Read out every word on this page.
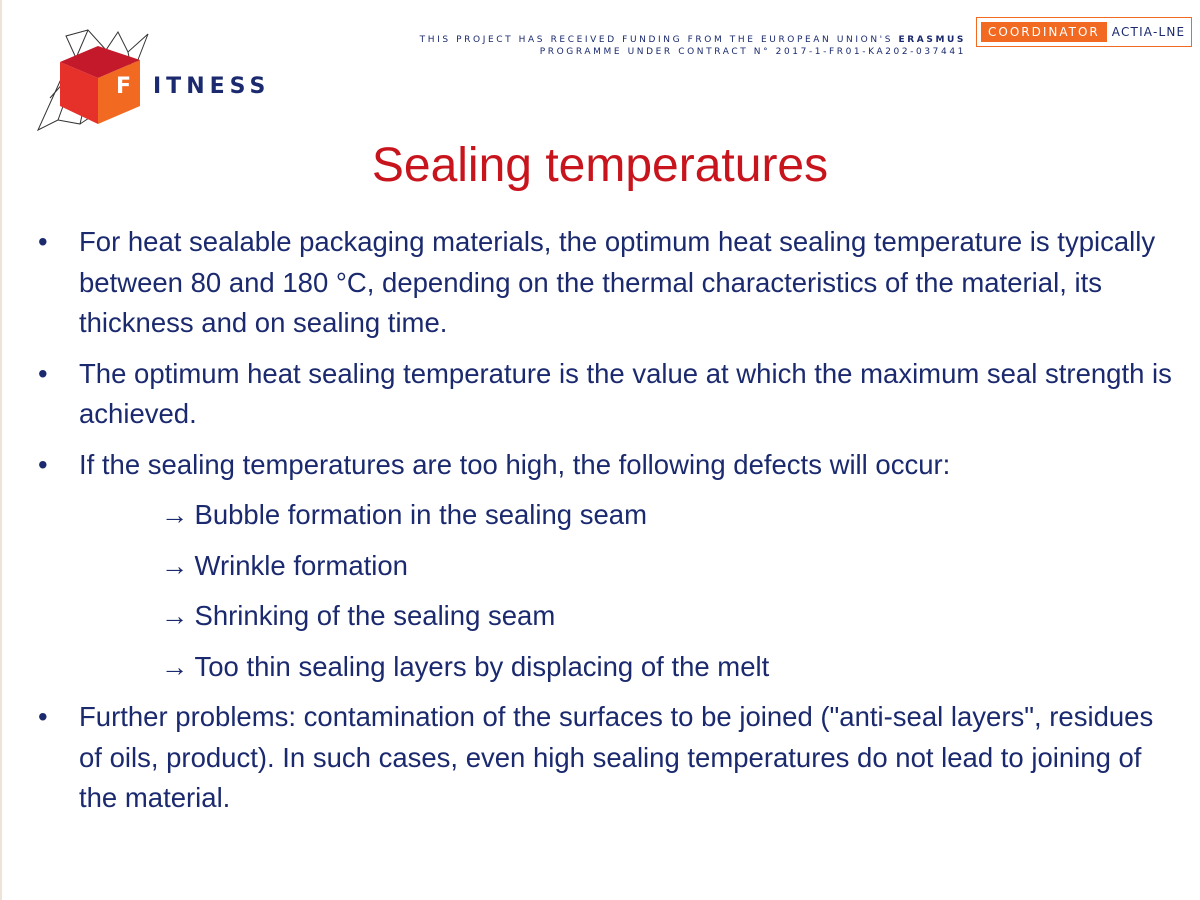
F ITNESS
THIS PROJECT HAS RECEIVED FUNDING FROM THE EUROPEAN UNION'S ERASMUS
PROGRAMME UNDER CONTRACT N° 2017-1-FR01-KA202-037441
COORDINATOR	ACTIA-LNE
Sealing temperatures
• For heat sealable packaging materials, the optimum heat sealing temperature is typically between 80 and 180 °C, depending on the thermal characteristics of the material, its thickness and on sealing time.
• The optimum heat sealing temperature is the value at which the maximum seal strength is achieved.
• If the sealing temperatures are too high, the following defects will occur:
→ Bubble formation in the sealing seam
→ Wrinkle formation
→ Shrinking of the sealing seam
→ Too thin sealing layers by displacing of the melt
• Further problems: contamination of the surfaces to be joined ("anti-seal layers", residues of oils, product). In such cases, even high sealing temperatures do not lead to joining of the material.
